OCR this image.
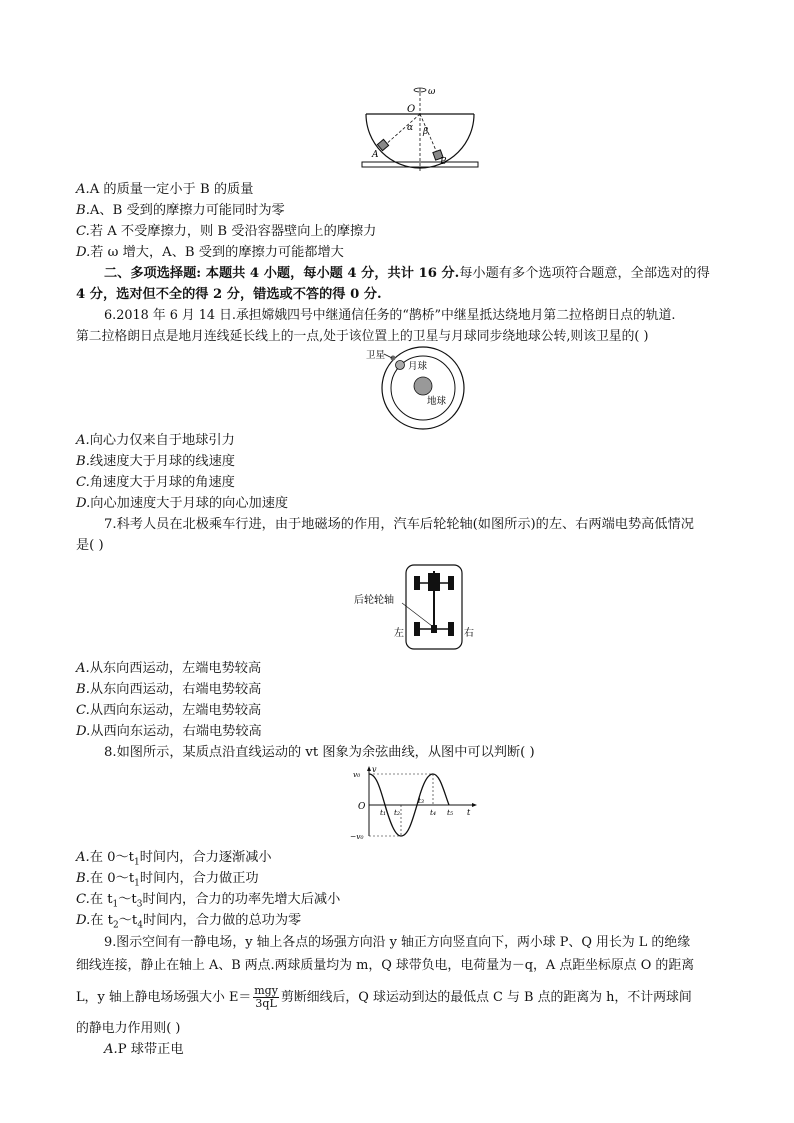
ω
O
α β
A
B
A.A 的质量一定小于 B 的质量
B.A、B 受到的摩擦力可能同时为零
C.若 A 不受摩擦力，则 B 受沿容器壁向上的摩擦力
D.若 ω 增大，A、B 受到的摩擦力可能都增大
二、多项选择题: 本题共 4 小题，每小题 4 分，共计 16 分.每小题有多个选项符合题意，全部选对的得
4 分，选对但不全的得 2 分，错选或不答的得 0 分.
6.2018 年 6 月 14 日.承担嫦娥四号中继通信任务的“鹊桥”中继星抵达绕地月第二拉格朗日点的轨道.
第二拉格朗日点是地月连线延长线上的一点,处于该位置上的卫星与月球同步绕地球公转,则该卫星的( )
卫星
月球
地球
A.向心力仅来自于地球引力
B.线速度大于月球的线速度
C.角速度大于月球的角速度
D.向心加速度大于月球的向心加速度
7.科考人员在北极乘车行进，由于地磁场的作用，汽车后轮轮轴(如图所示)的左、右两端电势高低情况
是( )
后轮轮轴
左	右
A.从东向西运动，左端电势较高
B.从东向西运动，右端电势较高
C.从西向东运动，左端电势较高
D.从西向东运动，右端电势较高
8.如图所示，某质点沿直线运动的 vt 图象为余弦曲线，从图中可以判断( )
v
v₀
O
−v₀
t₁ t₂
t₃
t₄ t₅ t
A.在 $0\sim t_1$时间内，合力逐渐减小
B.在 $0\sim t_1$时间内，合力做正功
C.在 $t_1\sim t_3$时间内，合力的功率先增大后减小
D.在 $t_2\sim t_4$时间内，合力做的总功为零
9.图示空间有一静电场，y 轴上各点的场强方向沿 y 轴正方向竖直向下，两小球 P、Q 用长为 L 的绝缘
细线连接，静止在轴上 A、B 两点.两球质量均为 m，Q 球带负电，电荷量为－q，A 点距坐标原点 O 的距离
L，y 轴上静电场场强大小 $E= \frac{\text{mgy}}{3qL}$ 剪断细线后，Q 球运动到达的最低点 C 与 B 点的距离为 h，不计两球间
的静电力作用则( )
A.P 球带正电
